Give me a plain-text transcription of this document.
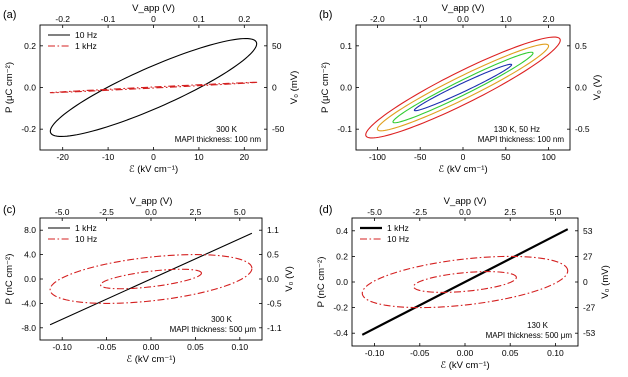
-20	-10	0	10	20
-0.2	-0.1	0	0.1	0.2
-0.2
0.0
0.2
-50
0
50
ℰ (kV cm⁻¹)
V_app (V)
P (μC cm⁻²)	V₀ (mV)
(a)
10 Hz
1 kHz
300 K
MAPI thickness: 100 nm
-100	-50	0	50	100
-2.0	-1.0	0.0	1.0	2.0
-0.1
0.0
0.1
-0.5
0.0
0.5
ℰ (kV cm⁻¹)
V_app (V)
P (μC cm⁻²)	V₀ (V)
(b)
130 K, 50 Hz
MAPI thickness: 100 nm
-0.10	-0.05	0.00	0.05	0.10
-5.0	-2.5	0.0	2.5	5.0
-8.0
-4.0
0.0
4.0
8.0
-1.1
-0.5
0.0
0.5
1.1
ℰ (kV cm⁻¹)
V_app (V)
P (nC cm⁻²)	V₀ (V)
(c)
1 kHz
10 Hz
300 K
MAPI thickness: 500 μm
-0.10	-0.05	0.00	0.05	0.10
-5.0	-2.5	0.0	2.5	5.0
-0.4
-0.2
0.0
0.2
0.4
-53
-27
0
27
53
ℰ (kV cm⁻¹)
V_app (V)
P (nC cm⁻²)	V₀ (mV)
(d)
1 kHz
10 Hz
130 K
MAPI thickness: 500 μm
